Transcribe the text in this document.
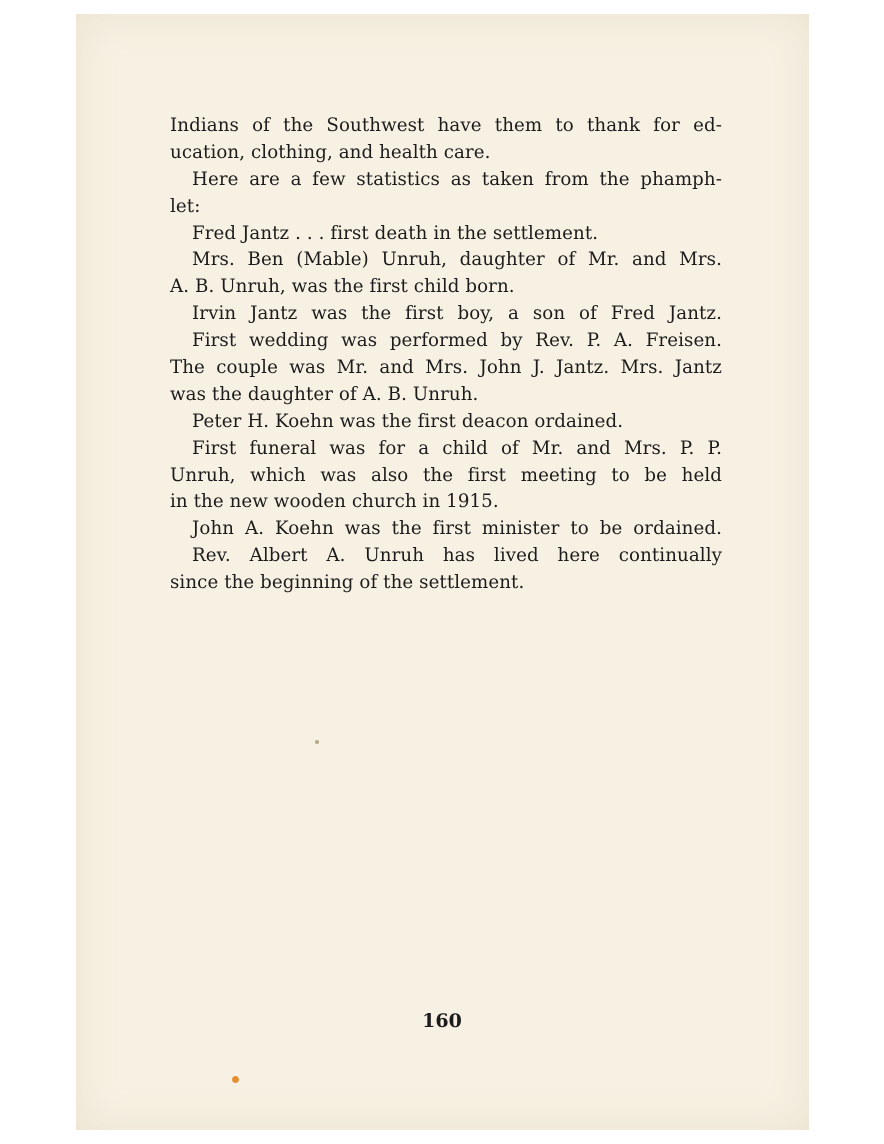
Indians of the Southwest have them to thank for ed-
ucation, clothing, and health care.
Here are a few statistics as taken from the phamph-
let:
Fred Jantz . . . first death in the settlement.
Mrs. Ben (Mable) Unruh, daughter of Mr. and Mrs.
A. B. Unruh, was the first child born.
Irvin Jantz was the first boy, a son of Fred Jantz.
First wedding was performed by Rev. P. A. Freisen.
The couple was Mr. and Mrs. John J. Jantz. Mrs. Jantz
was the daughter of A. B. Unruh.
Peter H. Koehn was the first deacon ordained.
First funeral was for a child of Mr. and Mrs. P. P.
Unruh, which was also the first meeting to be held
in the new wooden church in 1915.
John A. Koehn was the first minister to be ordained.
Rev. Albert A. Unruh has lived here continually
since the beginning of the settlement.
160
